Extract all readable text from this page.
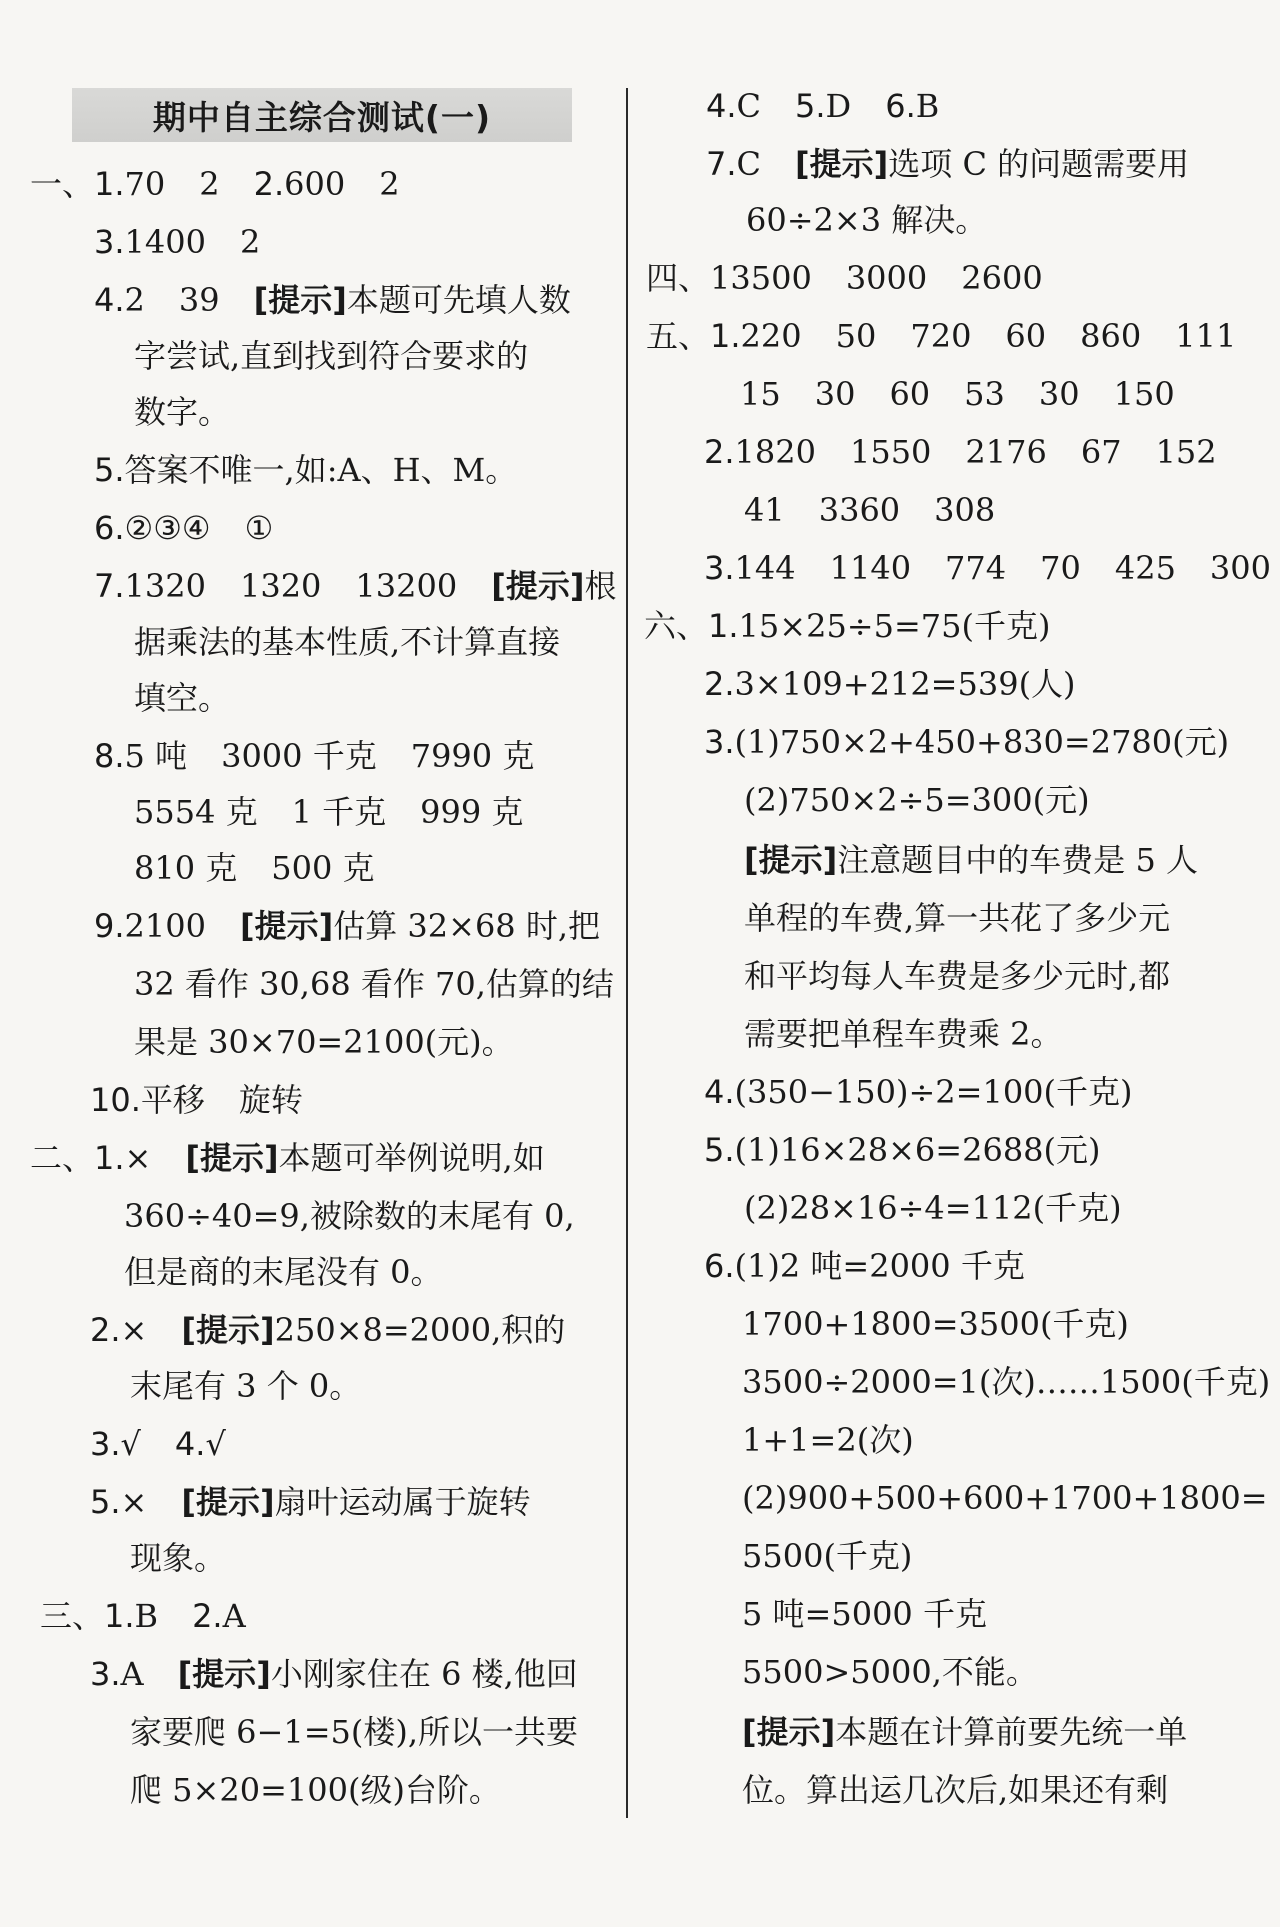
期中自主综合测试(一)
一、1.70 2 2.600 2
3.1400 2
4.2 39 [提示]本题可先填人数
字尝试,直到找到符合要求的
数字。
5.答案不唯一,如:A、H、M。
6.②③④ ①
7.1320 1320 13200 [提示]根
据乘法的基本性质,不计算直接
填空。
8.5 吨 3000 千克 7990 克
5554 克 1 千克 999 克
810 克 500 克
9.2100 [提示]估算 32×68 时,把
32 看作 30,68 看作 70,估算的结
果是 30×70=2100(元)。
10.平移 旋转
二、1.× [提示]本题可举例说明,如
360÷40=9,被除数的末尾有 0,
但是商的末尾没有 0。
2.× [提示]250×8=2000,积的
末尾有 3 个 0。
3.√ 4.√
5.× [提示]扇叶运动属于旋转
现象。
三、1.B 2.A
3.A [提示]小刚家住在 6 楼,他回
家要爬 6−1=5(楼),所以一共要
爬 5×20=100(级)台阶。
4.C 5.D 6.B
7.C [提示]选项 C 的问题需要用
60÷2×3 解决。
四、13500 3000 2600
五、1.220 50 720 60 860 111
15 30 60 53 30 150
2.1820 1550 2176 67 152
41 3360 308
3.144 1140 774 70 425 300
六、1.15×25÷5=75(千克)
2.3×109+212=539(人)
3.(1)750×2+450+830=2780(元)
(2)750×2÷5=300(元)
[提示]注意题目中的车费是 5 人
单程的车费,算一共花了多少元
和平均每人车费是多少元时,都
需要把单程车费乘 2。
4.(350−150)÷2=100(千克)
5.(1)16×28×6=2688(元)
(2)28×16÷4=112(千克)
6.(1)2 吨=2000 千克
1700+1800=3500(千克)
3500÷2000=1(次)……1500(千克)
1+1=2(次)
(2)900+500+600+1700+1800=
5500(千克)
5 吨=5000 千克
5500>5000,不能。
[提示]本题在计算前要先统一单
位。算出运几次后,如果还有剩
